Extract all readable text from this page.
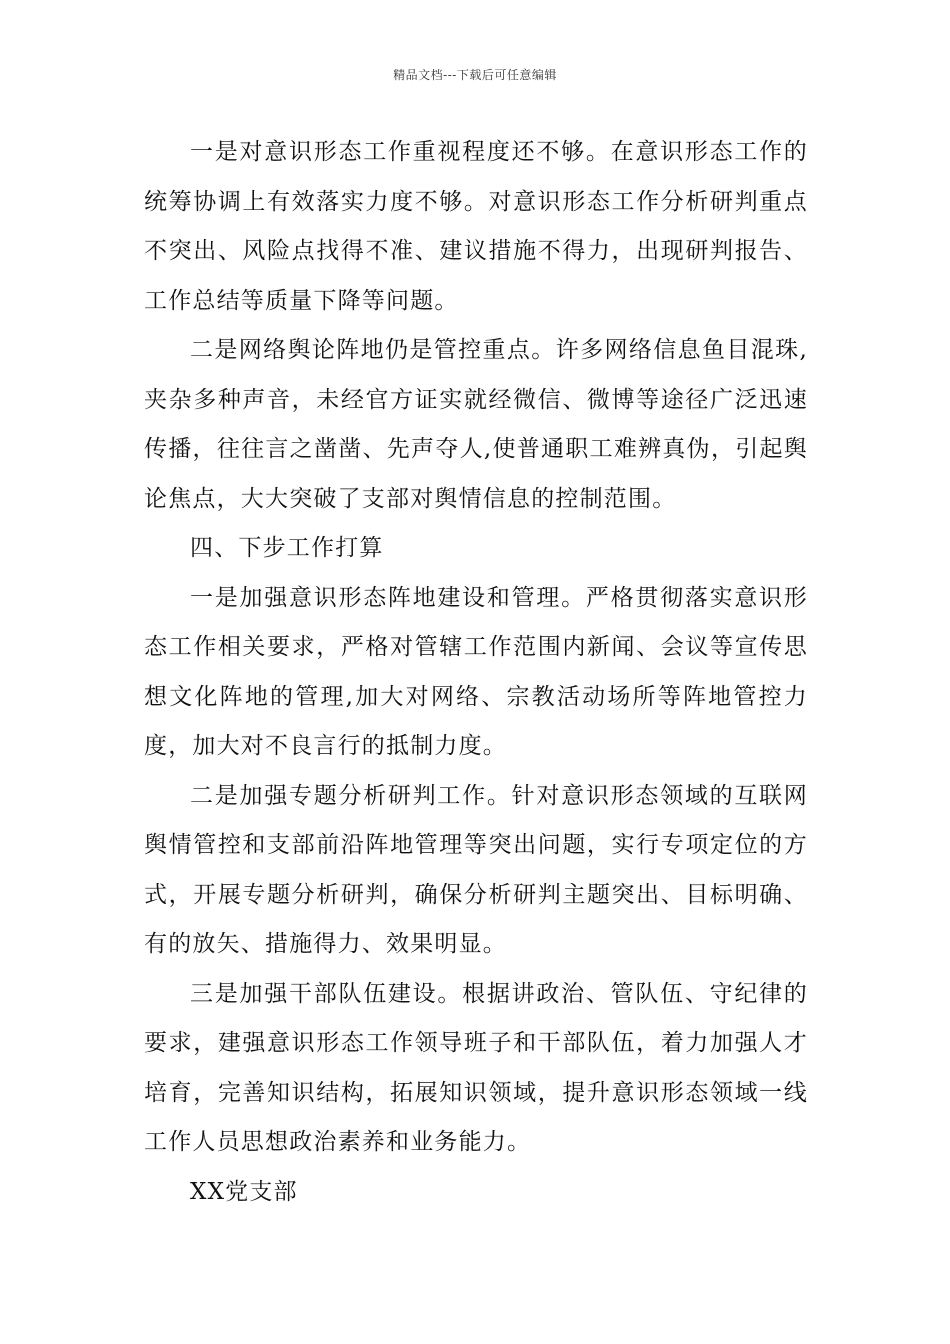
精品文档---下载后可任意编辑

一是对意识形态工作重视程度还不够。在意识形态工作的统筹协调上有效落实力度不够。对意识形态工作分析研判重点不突出、风险点找得不准、建议措施不得力，出现研判报告、工作总结等质量下降等问题。

二是网络舆论阵地仍是管控重点。许多网络信息鱼目混珠,夹杂多种声音，未经官方证实就经微信、微博等途径广泛迅速传播，往往言之凿凿、先声夺人,使普通职工难辨真伪，引起舆论焦点，大大突破了支部对舆情信息的控制范围。

四、下步工作打算

一是加强意识形态阵地建设和管理。严格贯彻落实意识形态工作相关要求，严格对管辖工作范围内新闻、会议等宣传思想文化阵地的管理,加大对网络、宗教活动场所等阵地管控力度，加大对不良言行的抵制力度。

二是加强专题分析研判工作。针对意识形态领域的互联网舆情管控和支部前沿阵地管理等突出问题，实行专项定位的方式，开展专题分析研判，确保分析研判主题突出、目标明确、有的放矢、措施得力、效果明显。

三是加强干部队伍建设。根据讲政治、管队伍、守纪律的要求，建强意识形态工作领导班子和干部队伍，着力加强人才培育，完善知识结构，拓展知识领域，提升意识形态领域一线工作人员思想政治素养和业务能力。

XX党支部
